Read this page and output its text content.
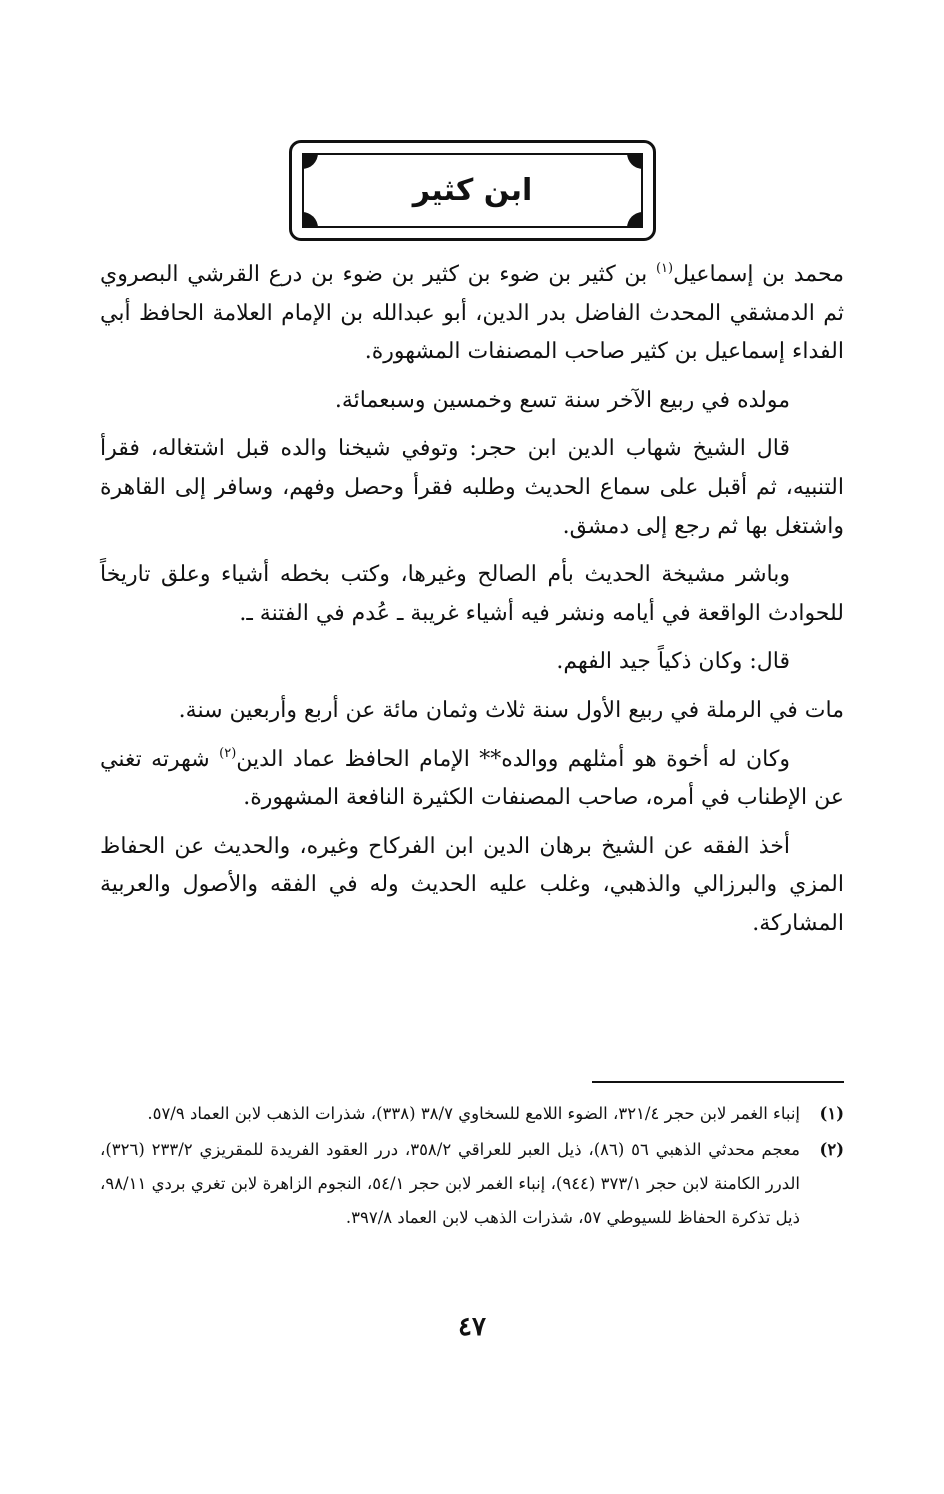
ابن كثير

محمد بن إسماعيل$^{(١)}$ بن كثير بن ضوء بن كثير بن ضوء بن درع القرشي البصروي ثم الدمشقي المحدث الفاضل بدر الدين، أبو عبدالله بن الإمام العلامة الحافظ أبي الفداء إسماعيل بن كثير صاحب المصنفات المشهورة.

مولده في ربيع الآخر سنة تسع وخمسين وسبعمائة.

قال الشيخ شهاب الدين ابن حجر: وتوفي شيخنا والده قبل اشتغاله، فقرأ التنبيه، ثم أقبل على سماع الحديث وطلبه فقرأ وحصل وفهم، وسافر إلى القاهرة واشتغل بها ثم رجع إلى دمشق.

وباشر مشيخة الحديث بأم الصالح وغيرها، وكتب بخطه أشياء وعلق تاريخاً للحوادث الواقعة في أيامه ونشر فيه أشياء غريبة ـ عُدم في الفتنة ـ.

قال: وكان ذكياً جيد الفهم.

مات في الرملة في ربيع الأول سنة ثلاث وثمان مائة عن أربع وأربعين سنة.

وكان له أخوة هو أمثلهم ووالده** الإمام الحافظ عماد الدين$^{(٢)}$ شهرته تغني عن الإطناب في أمره، صاحب المصنفات الكثيرة النافعة المشهورة.

أخذ الفقه عن الشيخ برهان الدين ابن الفركاح وغيره، والحديث عن الحفاظ المزي والبرزالي والذهبي، وغلب عليه الحديث وله في الفقه والأصول والعربية المشاركة.

(١)
إنباء الغمر لابن حجر ٣٢١/٤، الضوء اللامع للسخاوي ٣٨/٧ (٣٣٨)، شذرات الذهب لابن العماد ٥٧/٩.
(٢)
معجم محدثي الذهبي ٥٦ (٨٦)، ذيل العبر للعراقي ٣٥٨/٢، درر العقود الفريدة للمقريزي ٢٣٣/٢ (٣٢٦)، الدرر الكامنة لابن حجر ٣٧٣/١ (٩٤٤)، إنباء الغمر لابن حجر ٥٤/١، النجوم الزاهرة لابن تغري بردي ٩٨/١١، ذيل تذكرة الحفاظ للسيوطي ٥٧، شذرات الذهب لابن العماد ٣٩٧/٨.
٤٧
